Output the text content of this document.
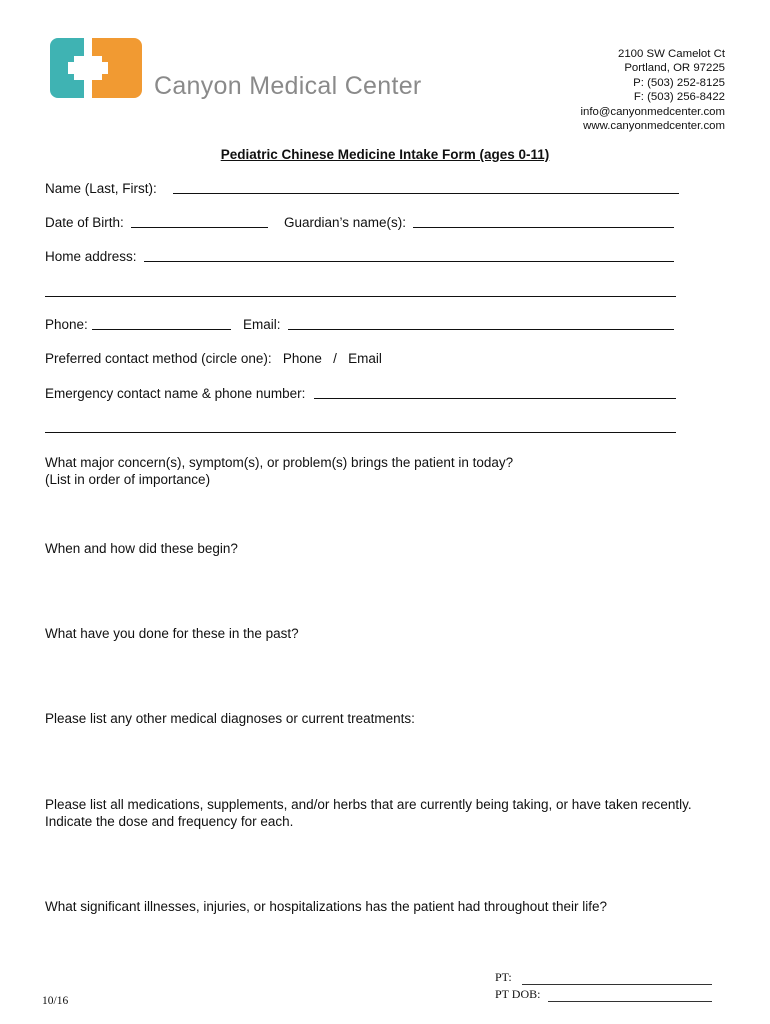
Canyon Medical Center
2100 SW Camelot Ct
Portland, OR 97225
P: (503) 252-8125
F: (503) 256-8422
info@canyonmedcenter.com
www.canyonmedcenter.com
Pediatric Chinese Medicine Intake Form (ages 0-11)
Name (Last, First):
Date of Birth:	Guardian’s name(s):
Home address:
Phone:	Email:
Preferred contact method (circle one):   Phone   /   Email
Emergency contact name & phone number:
What major concern(s), symptom(s), or problem(s) brings the patient in today?
(List in order of importance)
When and how did these begin?
What have you done for these in the past?
Please list any other medical diagnoses or current treatments:
Please list all medications, supplements, and/or herbs that are currently being taking, or have taken recently.
Indicate the dose and frequency for each.
What significant illnesses, injuries, or hospitalizations has the patient had throughout their life?
10/16
PT:
PT DOB:
